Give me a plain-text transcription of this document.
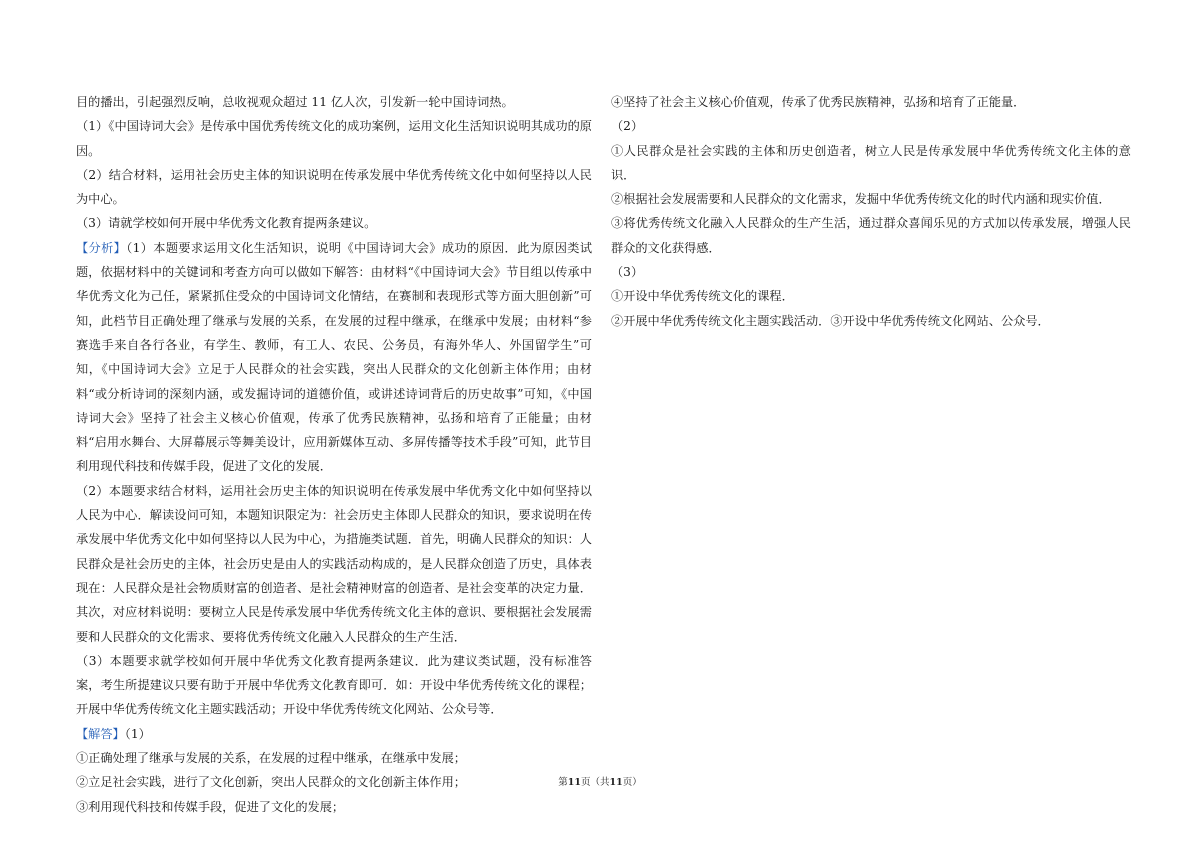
目的播出，引起强烈反响，总收视观众超过 11 亿人次，引发新一轮中国诗词热。

（1）《中国诗词大会》是传承中国优秀传统文化的成功案例，运用文化生活知识说明其成功的原因。

（2）结合材料，运用社会历史主体的知识说明在传承发展中华优秀传统文化中如何坚持以人民为中心。

（3）请就学校如何开展中华优秀文化教育提两条建议。

【分析】（1）本题要求运用文化生活知识，说明《中国诗词大会》成功的原因．此为原因类试题，依据材料中的关键词和考查方向可以做如下解答：由材料“《中国诗词大会》节目组以传承中华优秀文化为己任，紧紧抓住受众的中国诗词文化情结，在赛制和表现形式等方面大胆创新”可知，此档节目正确处理了继承与发展的关系，在发展的过程中继承，在继承中发展；由材料“参赛选手来自各行各业，有学生、教师，有工人、农民、公务员，有海外华人、外国留学生”可知，《中国诗词大会》立足于人民群众的社会实践，突出人民群众的文化创新主体作用；由材料“或分析诗词的深刻内涵，或发掘诗词的道德价值，或讲述诗词背后的历史故事”可知，《中国诗词大会》坚持了社会主义核心价值观，传承了优秀民族精神，弘扬和培育了正能量；由材料“启用水舞台、大屏幕展示等舞美设计，应用新媒体互动、多屏传播等技术手段”可知，此节目利用现代科技和传媒手段，促进了文化的发展．

（2）本题要求结合材料，运用社会历史主体的知识说明在传承发展中华优秀文化中如何坚持以人民为中心．解读设问可知，本题知识限定为：社会历史主体即人民群众的知识，要求说明在传承发展中华优秀文化中如何坚持以人民为中心，为措施类试题．首先，明确人民群众的知识：人民群众是社会历史的主体，社会历史是由人的实践活动构成的，是人民群众创造了历史，具体表现在：人民群众是社会物质财富的创造者、是社会精神财富的创造者、是社会变革的决定力量．其次，对应材料说明：要树立人民是传承发展中华优秀传统文化主体的意识、要根据社会发展需要和人民群众的文化需求、要将优秀传统文化融入人民群众的生产生活．

（3）本题要求就学校如何开展中华优秀文化教育提两条建议．此为建议类试题，没有标准答案，考生所提建议只要有助于开展中华优秀文化教育即可．如：开设中华优秀传统文化的课程；开展中华优秀传统文化主题实践活动；开设中华优秀传统文化网站、公众号等．

【解答】（1）

①正确处理了继承与发展的关系，在发展的过程中继承，在继承中发展；

②立足社会实践，进行了文化创新，突出人民群众的文化创新主体作用；

③利用现代科技和传媒手段，促进了文化的发展；

④坚持了社会主义核心价值观，传承了优秀民族精神，弘扬和培育了正能量．

（2）

①人民群众是社会实践的主体和历史创造者，树立人民是传承发展中华优秀传统文化主体的意识．

②根据社会发展需要和人民群众的文化需求，发掘中华优秀传统文化的时代内涵和现实价值．

③将优秀传统文化融入人民群众的生产生活，通过群众喜闻乐见的方式加以传承发展，增强人民群众的文化获得感．

（3）

①开设中华优秀传统文化的课程．

②开展中华优秀传统文化主题实践活动．③开设中华优秀传统文化网站、公众号．

第11页（共11页）
